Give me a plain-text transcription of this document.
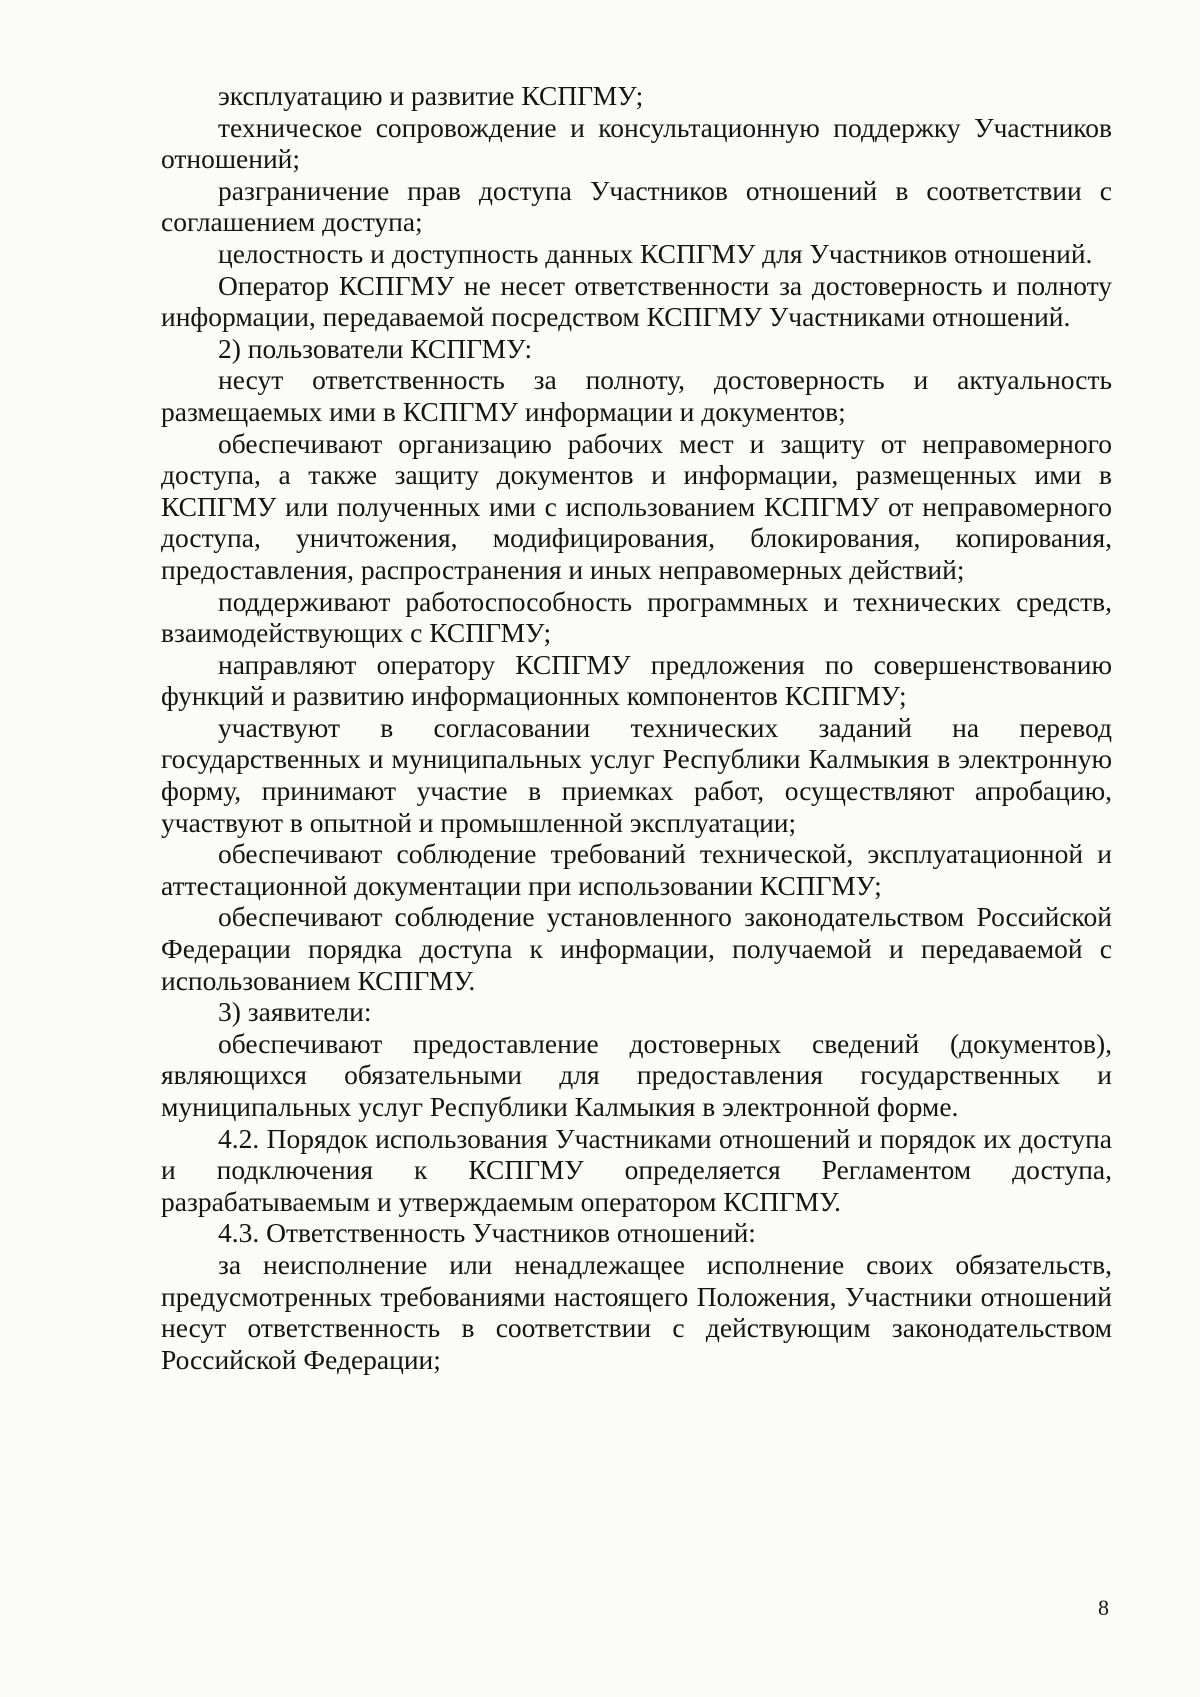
эксплуатацию и развитие КСПГМУ;

техническое сопровождение и консультационную поддержку Участников отношений;

разграничение прав доступа Участников отношений в соответствии с соглашением доступа;

целостность и доступность данных КСПГМУ для Участников отношений.

Оператор КСПГМУ не несет ответственности за достоверность и полноту информации, передаваемой посредством КСПГМУ Участниками отношений.

2) пользователи КСПГМУ:

несут ответственность за полноту, достоверность и актуальность размещаемых ими в КСПГМУ информации и документов;

обеспечивают организацию рабочих мест и защиту от неправомерного доступа, а также защиту документов и информации, размещенных ими в КСПГМУ или полученных ими с использованием КСПГМУ от неправомерного доступа, уничтожения, модифицирования, блокирования, копирования, предоставления, распространения и иных неправомерных действий;

поддерживают работоспособность программных и технических средств, взаимодействующих с КСПГМУ;

направляют оператору КСПГМУ предложения по совершенствованию функций и развитию информационных компонентов КСПГМУ;

участвуют в согласовании технических заданий на перевод государственных и муниципальных услуг Республики Калмыкия в электронную форму, принимают участие в приемках работ, осуществляют апробацию, участвуют в опытной и промышленной эксплуатации;

обеспечивают соблюдение требований технической, эксплуатационной и аттестационной документации при использовании КСПГМУ;

обеспечивают соблюдение установленного законодательством Российской Федерации порядка доступа к информации, получаемой и передаваемой с использованием КСПГМУ.

3) заявители:

обеспечивают предоставление достоверных сведений (документов), являющихся обязательными для предоставления государственных и муниципальных услуг Республики Калмыкия в электронной форме.

4.2. Порядок использования Участниками отношений и порядок их доступа и подключения к КСПГМУ определяется Регламентом доступа, разрабатываемым и утверждаемым оператором КСПГМУ.

4.3. Ответственность Участников отношений:

за неисполнение или ненадлежащее исполнение своих обязательств, предусмотренных требованиями настоящего Положения, Участники отношений несут ответственность в соответствии с действующим законодательством Российской Федерации;

8
